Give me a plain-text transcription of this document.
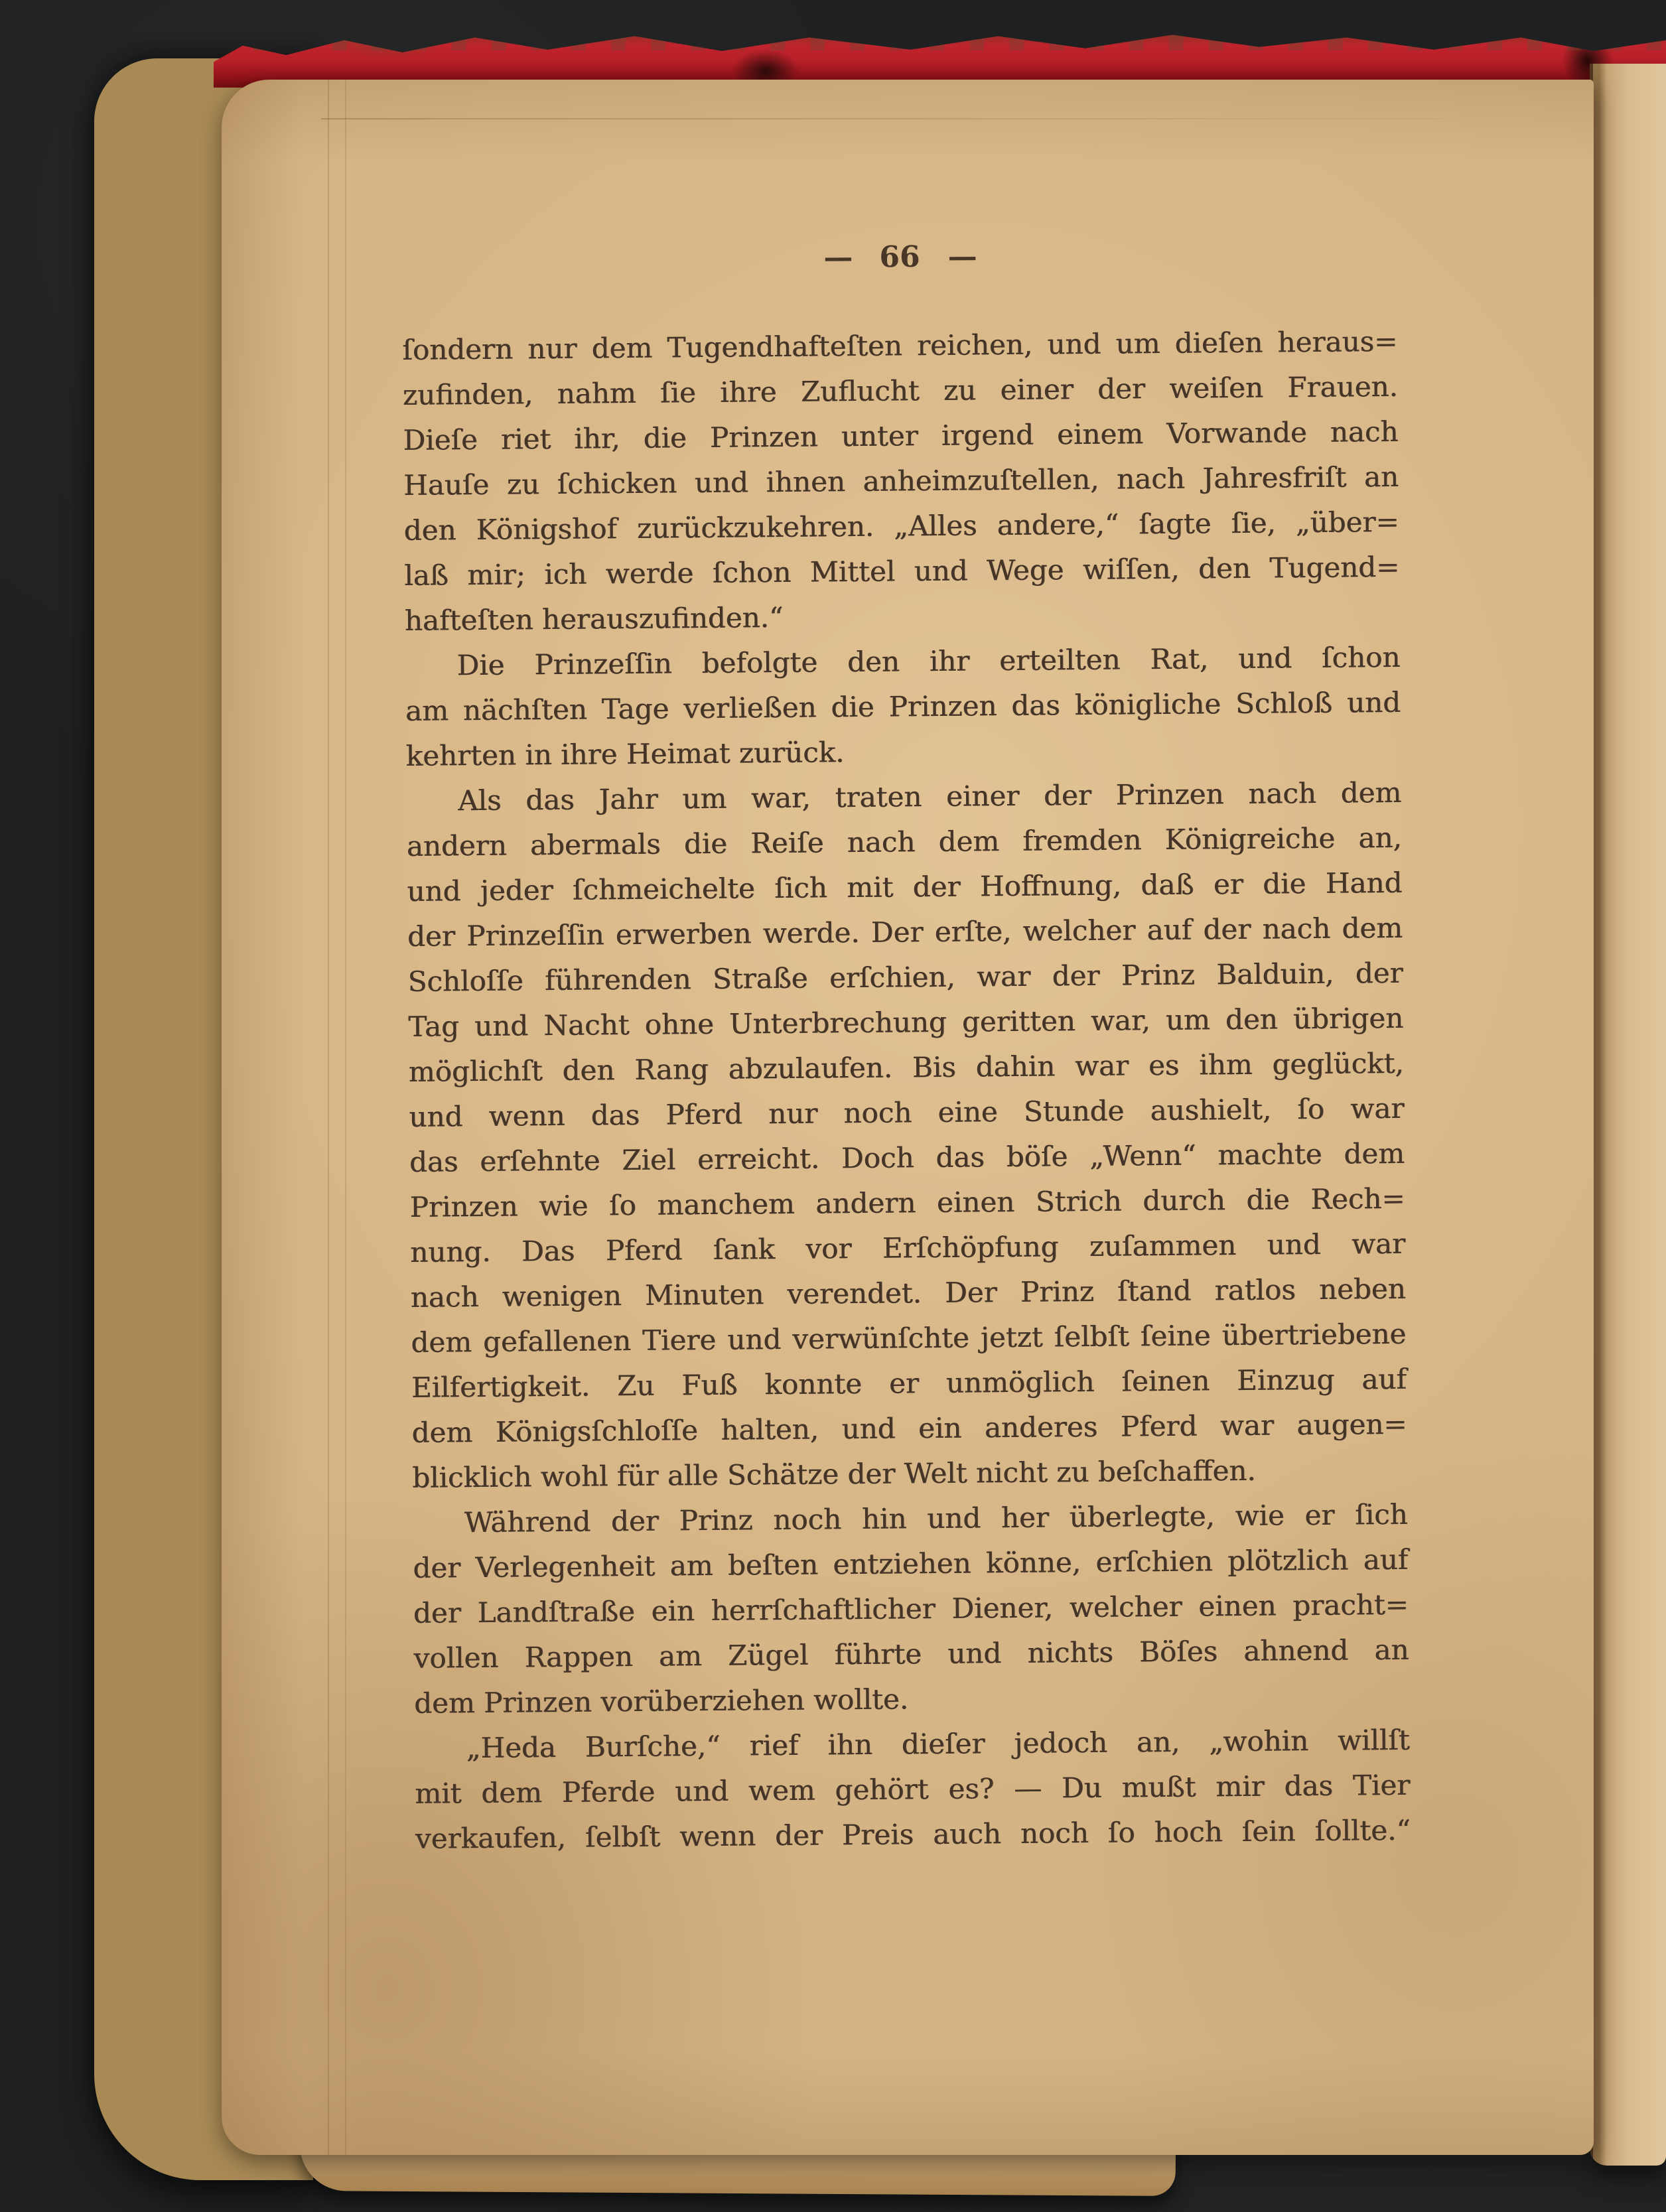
— 66 —
ſondern nur dem Tugendhafteſten reichen, und um dieſen heraus=
zufinden, nahm ſie ihre Zuflucht zu einer der weiſen Frauen.
Dieſe riet ihr, die Prinzen unter irgend einem Vorwande nach
Hauſe zu ſchicken und ihnen anheimzuſtellen, nach Jahresfriſt an
den Königshof zurückzukehren. „Alles andere,“ ſagte ſie, „über=
laß mir; ich werde ſchon Mittel und Wege wiſſen, den Tugend=
hafteſten herauszufinden.“
Die Prinzeſſin befolgte den ihr erteilten Rat, und ſchon
am nächſten Tage verließen die Prinzen das königliche Schloß und
kehrten in ihre Heimat zurück.
Als das Jahr um war, traten einer der Prinzen nach dem
andern abermals die Reiſe nach dem fremden Königreiche an,
und jeder ſchmeichelte ſich mit der Hoffnung, daß er die Hand
der Prinzeſſin erwerben werde. Der erſte, welcher auf der nach dem
Schloſſe führenden Straße erſchien, war der Prinz Balduin, der
Tag und Nacht ohne Unterbrechung geritten war, um den übrigen
möglichſt den Rang abzulaufen. Bis dahin war es ihm geglückt,
und wenn das Pferd nur noch eine Stunde aushielt, ſo war
das erſehnte Ziel erreicht. Doch das böſe „Wenn“ machte dem
Prinzen wie ſo manchem andern einen Strich durch die Rech=
nung. Das Pferd ſank vor Erſchöpfung zuſammen und war
nach wenigen Minuten verendet. Der Prinz ſtand ratlos neben
dem gefallenen Tiere und verwünſchte jetzt ſelbſt ſeine übertriebene
Eilfertigkeit. Zu Fuß konnte er unmöglich ſeinen Einzug auf
dem Königsſchloſſe halten, und ein anderes Pferd war augen=
blicklich wohl für alle Schätze der Welt nicht zu beſchaffen.
Während der Prinz noch hin und her überlegte, wie er ſich
der Verlegenheit am beſten entziehen könne, erſchien plötzlich auf
der Landſtraße ein herrſchaftlicher Diener, welcher einen pracht=
vollen Rappen am Zügel führte und nichts Böſes ahnend an
dem Prinzen vorüberziehen wollte.
„Heda Burſche,“ rief ihn dieſer jedoch an, „wohin willſt
mit dem Pferde und wem gehört es? — Du mußt mir das Tier
verkaufen, ſelbſt wenn der Preis auch noch ſo hoch ſein ſollte.“
